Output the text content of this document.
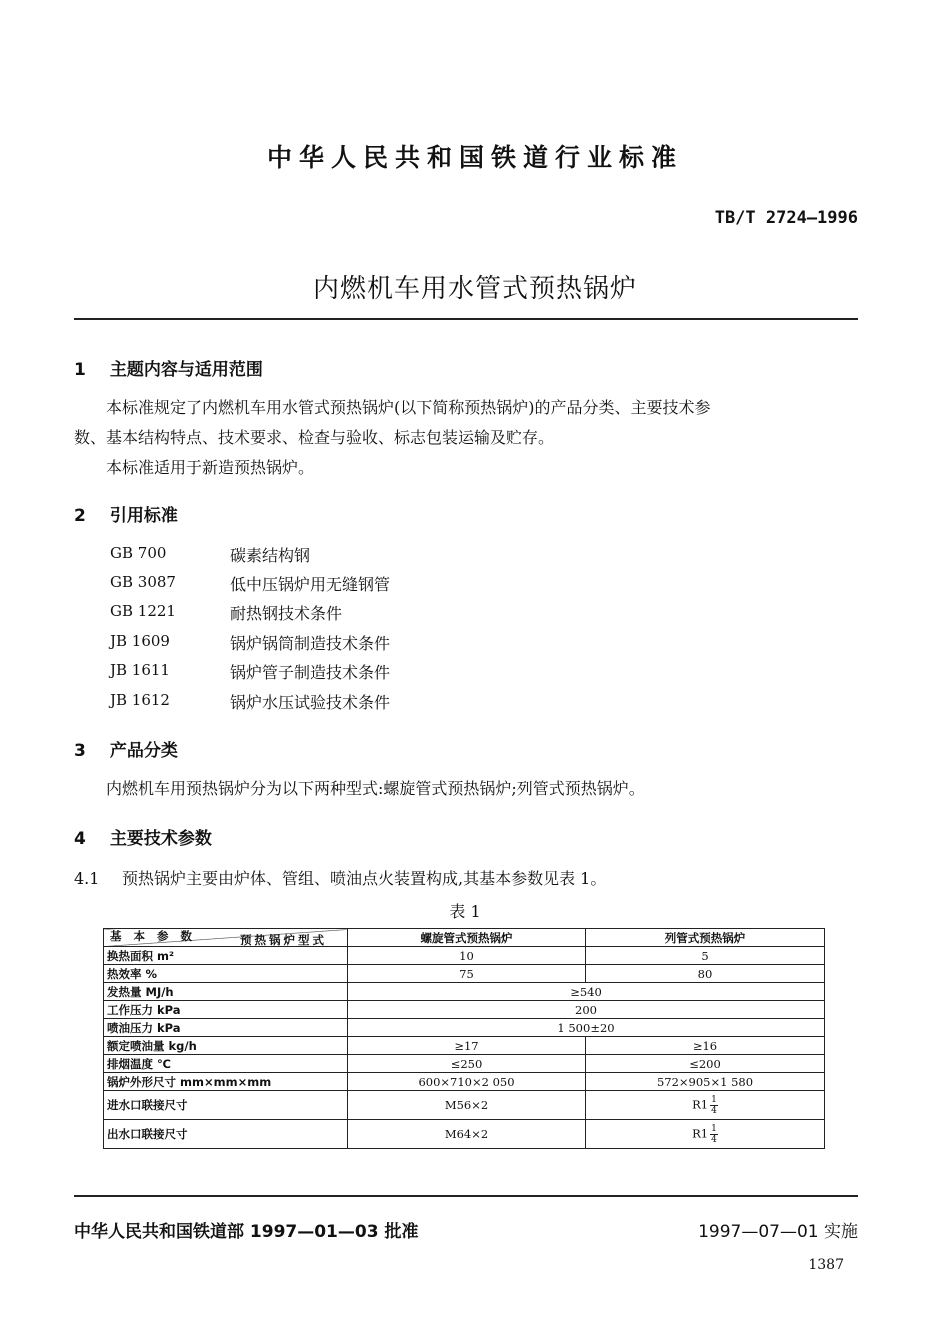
中华人民共和国铁道行业标准
TB/T 2724—1996
内燃机车用水管式预热锅炉
1 主题内容与适用范围
本标准规定了内燃机车用水管式预热锅炉(以下简称预热锅炉)的产品分类、主要技术参
数、基本结构特点、技术要求、检查与验收、标志包装运输及贮存。
本标准适用于新造预热锅炉。
2 引用标准
GB 700	碳素结构钢
GB 3087	低中压锅炉用无缝钢管
GB 1221	耐热钢技术条件
JB 1609	锅炉锅筒制造技术条件
JB 1611	锅炉管子制造技术条件
JB 1612	锅炉水压试验技术条件
3 产品分类
内燃机车用预热锅炉分为以下两种型式:螺旋管式预热锅炉;列管式预热锅炉。
4 主要技术参数
4.1 预热锅炉主要由炉体、管组、喷油点火装置构成,其基本参数见表 1。
表 1
预热锅炉型式
基本参数	螺旋管式预热锅炉	列管式预热锅炉
换热面积 m²	10	5
热效率 %	75	80
发热量 MJ/h	≥540	
工作压力 kPa	200	
喷油压力 kPa	1 500±20	
额定喷油量 kg/h	≥17	≥16
排烟温度 ℃	≤250	≤200
锅炉外形尺寸 mm×mm×mm	600×710×2 050	572×905×1 580
进水口联接尺寸	M56×2	$R1 \frac{1}{4}$

出水口联接尺寸	M64×2	$R1 \frac{1}{4}$
中华人民共和国铁道部 1997—01—03 批准	1997—07—01 实施
1387
